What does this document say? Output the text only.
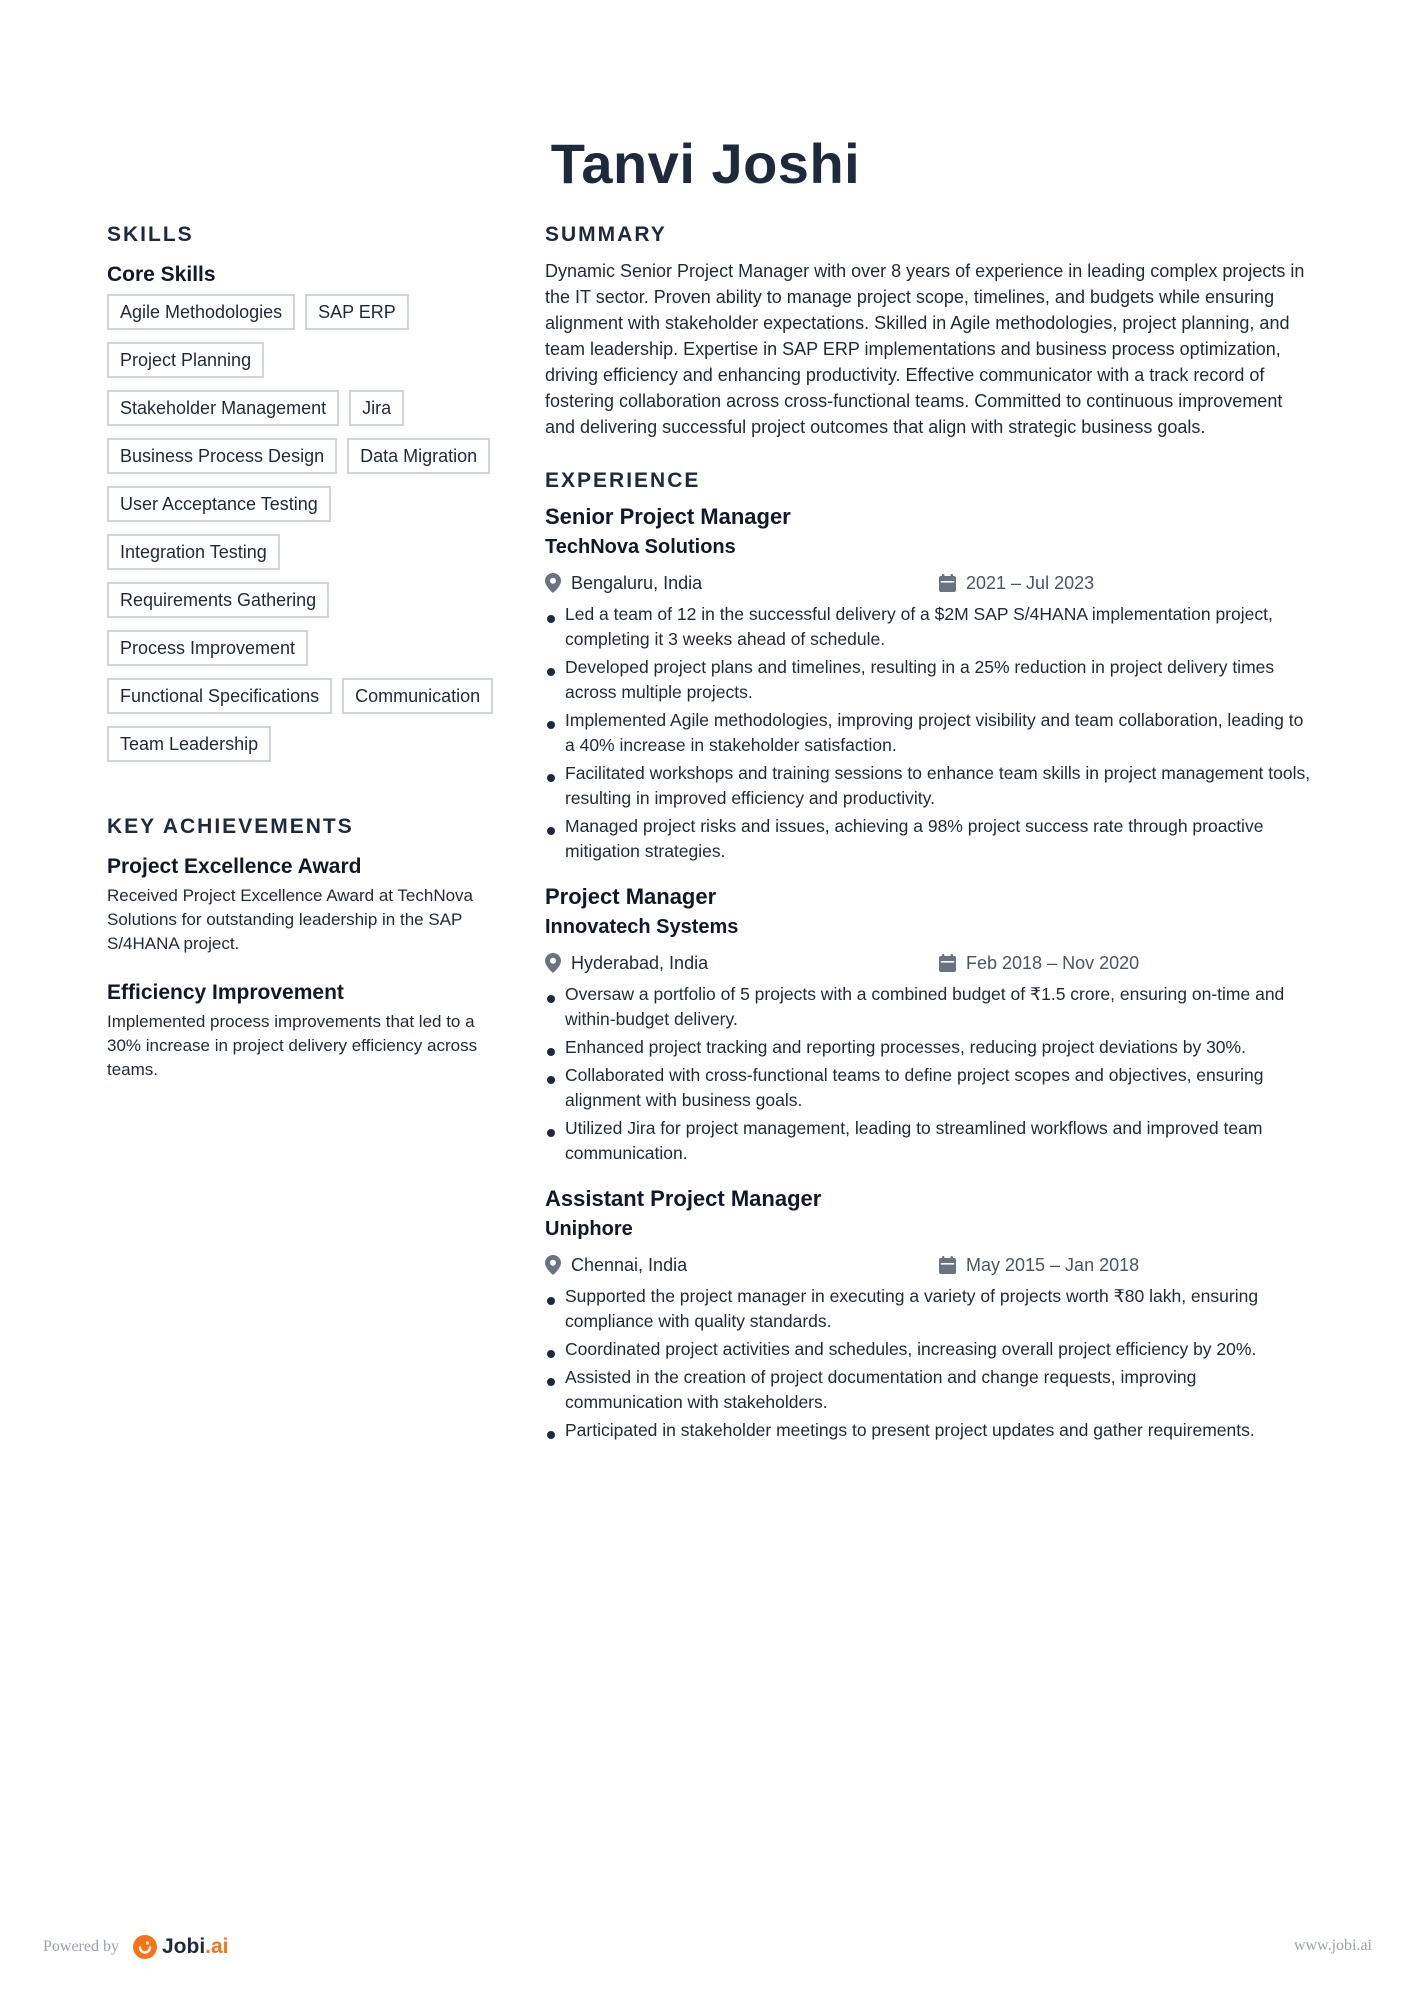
Tanvi Joshi
SKILLS
Core Skills
Agile Methodologies	SAP ERP
Project Planning
Stakeholder Management	Jira
Business Process Design	Data Migration
User Acceptance Testing
Integration Testing
Requirements Gathering
Process Improvement
Functional Specifications	Communication
Team Leadership
KEY ACHIEVEMENTS
Project Excellence Award

Received Project Excellence Award at TechNova Solutions for outstanding leadership in the SAP S/4HANA project.

Efficiency Improvement

Implemented process improvements that led to a 30% increase in project delivery efficiency across teams.

SUMMARY

Dynamic Senior Project Manager with over 8 years of experience in leading complex projects in the IT sector. Proven ability to manage project scope, timelines, and budgets while ensuring alignment with stakeholder expectations. Skilled in Agile methodologies, project planning, and team leadership. Expertise in SAP ERP implementations and business process optimization, driving efficiency and enhancing productivity. Effective communicator with a track record of fostering collaboration across cross-functional teams. Committed to continuous improvement and delivering successful project outcomes that align with strategic business goals.

EXPERIENCE
Senior Project Manager
TechNova Solutions
Bengaluru, India	2021 – Jul 2023
Led a team of 12 in the successful delivery of a $2M SAP S/4HANA implementation project, completing it 3 weeks ahead of schedule.
Developed project plans and timelines, resulting in a 25% reduction in project delivery times across multiple projects.
Implemented Agile methodologies, improving project visibility and team collaboration, leading to a 40% increase in stakeholder satisfaction.
Facilitated workshops and training sessions to enhance team skills in project management tools, resulting in improved efficiency and productivity.
Managed project risks and issues, achieving a 98% project success rate through proactive mitigation strategies.
Project Manager
Innovatech Systems
Hyderabad, India	Feb 2018 – Nov 2020
Oversaw a portfolio of 5 projects with a combined budget of ₹1.5 crore, ensuring on-time and within-budget delivery.
Enhanced project tracking and reporting processes, reducing project deviations by 30%.
Collaborated with cross-functional teams to define project scopes and objectives, ensuring alignment with business goals.
Utilized Jira for project management, leading to streamlined workflows and improved team communication.
Assistant Project Manager
Uniphore
Chennai, India	May 2015 – Jan 2018
Supported the project manager in executing a variety of projects worth ₹80 lakh, ensuring compliance with quality standards.
Coordinated project activities and schedules, increasing overall project efficiency by 20%.
Assisted in the creation of project documentation and change requests, improving communication with stakeholders.
Participated in stakeholder meetings to present project updates and gather requirements.
Powered by Jobi.ai	www.jobi.ai
